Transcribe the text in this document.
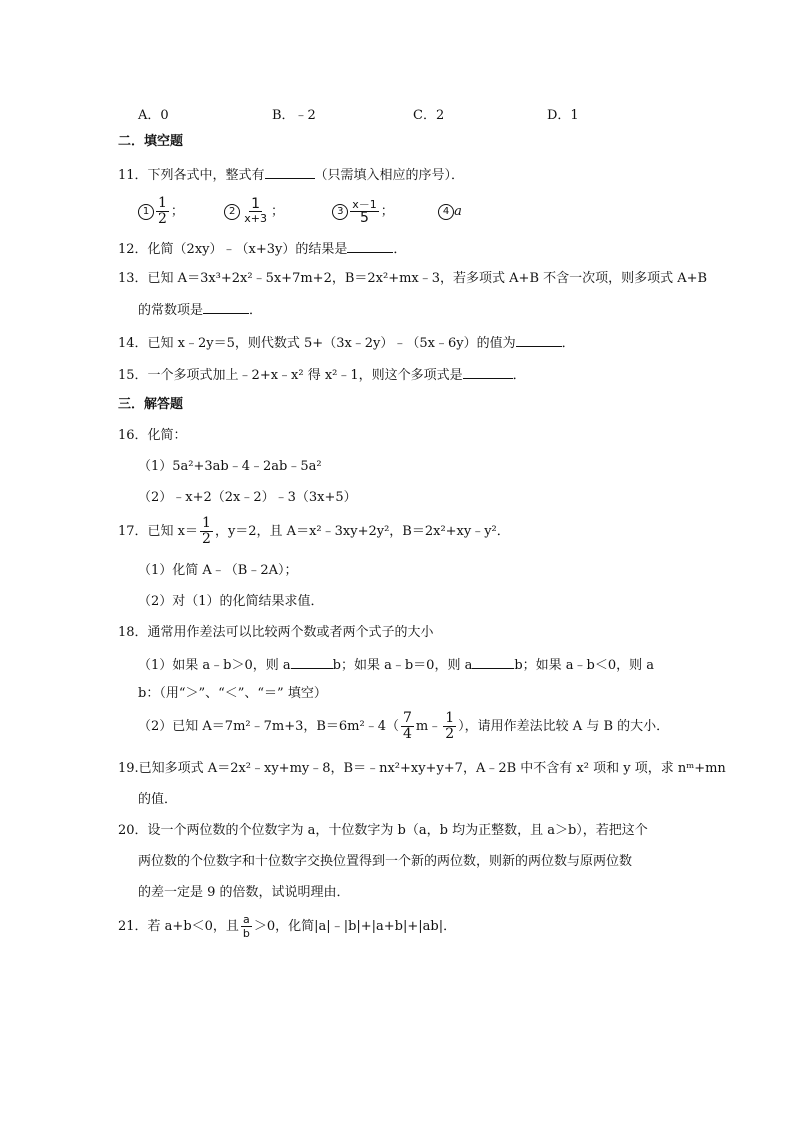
A．0	B．﹣2	C．2	D．1
二．填空题
11．下列各式中，整式有	（只需填入相应的序号）．
$1 \frac{1}{2}$ ；	$2 \frac{1}{x+3}$ ；	$3 \frac{x-1}{5}$ ；	4 a
12．化简（2xy）﹣（x+3y）的结果是	．
13．已知 A＝3x³+2x²﹣5x+7m+2，B＝2x²+mx﹣3，若多项式 A+B 不含一次项，则多项式 A+B
的常数项是	．
14．已知 x﹣2y＝5，则代数式 5+（3x﹣2y）﹣（5x﹣6y）的值为	．
15．一个多项式加上﹣2+x﹣x² 得 x²﹣1，则这个多项式是	．
三．解答题
16．化简：
（1）5a²+3ab﹣4﹣2ab﹣5a²
（2）﹣x+2（2x﹣2）﹣3（3x+5）
17．已知 $x= \frac{1}{2}$ ，y＝2，且 A＝x²﹣3xy+2y²，B＝2x²+xy﹣y²．
（1）化简 A﹣（B﹣2A）；
（2）对（1）的化简结果求值．
18．通常用作差法可以比较两个数或者两个式子的大小
（1）如果 a﹣b＞0，则 a	b；如果 a﹣b＝0，则 a	b；如果 a﹣b＜0，则 a
b：（用“＞”、“＜”、“＝” 填空）
（2）已知 A＝7m²﹣7m+3，B＝6m²﹣4（ $\frac{7}{4}$ m﹣ $\frac{1}{2}$ ），请用作差法比较 A 与 B 的大小．
19.已知多项式 A＝2x²﹣xy+my﹣8，B＝﹣nx²+xy+y+7，A﹣2B 中不含有 x² 项和 y 项，求 nᵐ+mn
的值．
20．设一个两位数的个位数字为 a，十位数字为 b（a，b 均为正整数，且 a＞b），若把这个
两位数的个位数字和十位数字交换位置得到一个新的两位数，则新的两位数与原两位数
的差一定是 9 的倍数，试说明理由．
21．若 a+b＜0，且 $\frac{a}{b} >0$，化简|a|﹣|b|+|a+b|+|ab|．
